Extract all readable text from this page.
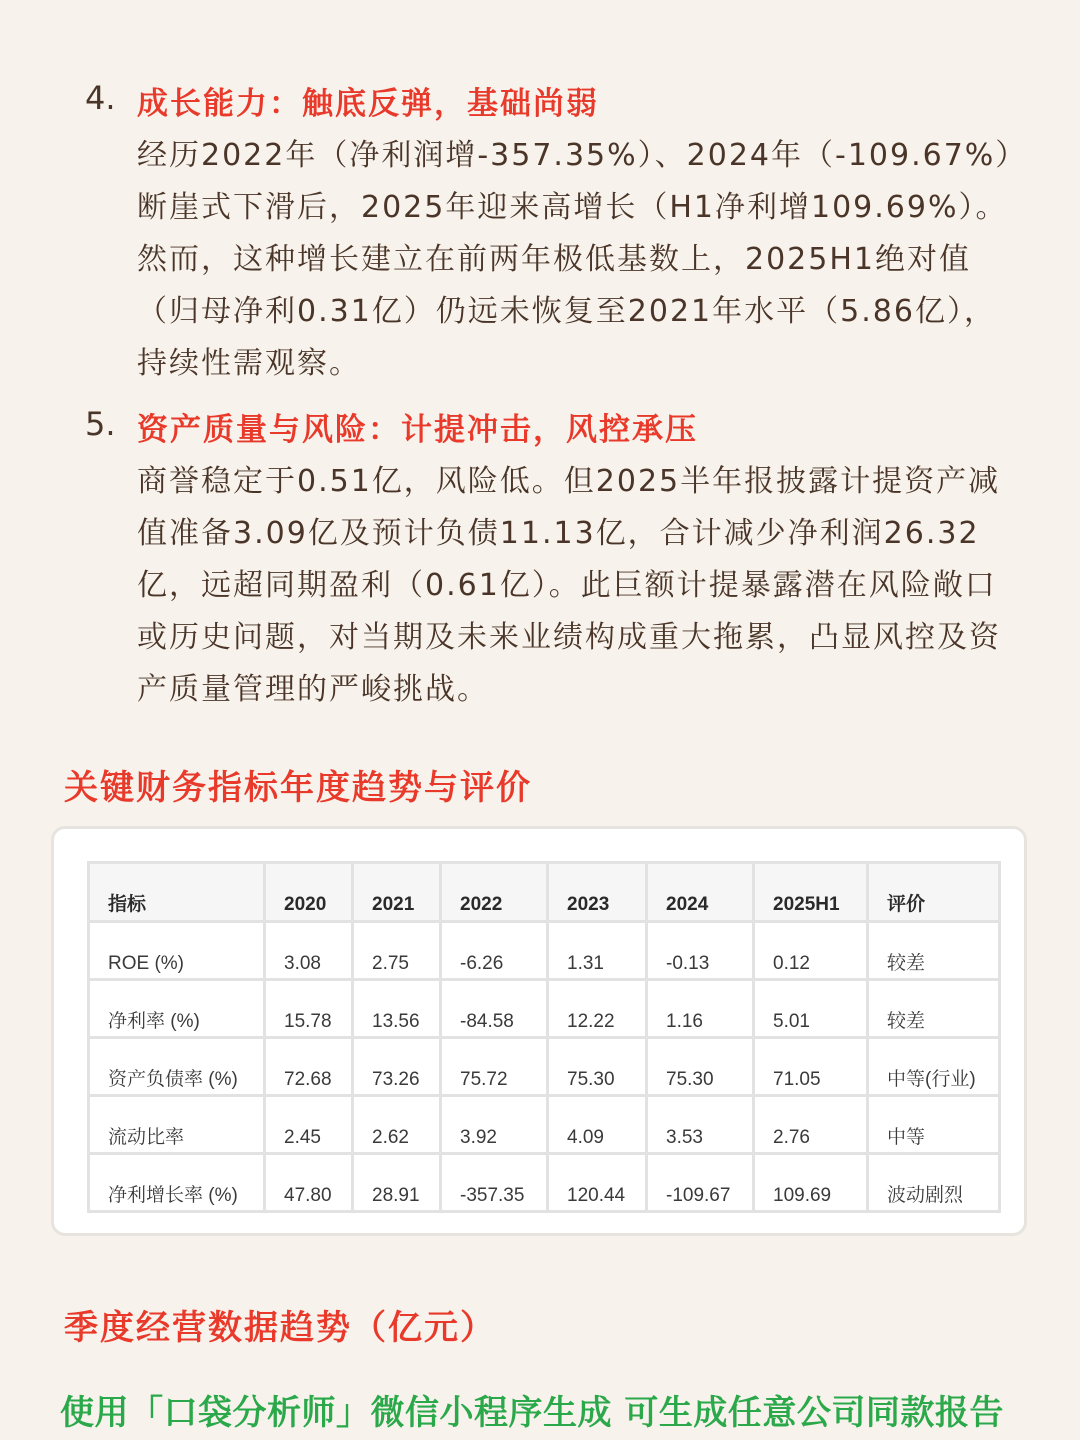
4. 成长能力：触底反弹，基础尚弱
经历2022年（净利润增-357.35%）、2024年（-109.67%）断崖式下滑后，2025年迎来高增长（H1净利增109.69%）。然而，这种增长建立在前两年极低基数上，2025H1绝对值（归母净利0.31亿）仍远未恢复至2021年水平（5.86亿），持续性需观察。
5. 资产质量与风险：计提冲击，风控承压
商誉稳定于0.51亿，风险低。但2025半年报披露计提资产减值准备3.09亿及预计负债11.13亿，合计减少净利润26.32亿，远超同期盈利（0.61亿）。此巨额计提暴露潜在风险敞口或历史问题，对当期及未来业绩构成重大拖累，凸显风控及资产质量管理的严峻挑战。
关键财务指标年度趋势与评价
指标	2020	2021	2022	2023	2024	2025H1	评价
ROE (%)	3.08	2.75	-6.26	1.31	-0.13	0.12	较差
净利率 (%)	15.78	13.56	-84.58	12.22	1.16	5.01	较差
资产负债率 (%)	72.68	73.26	75.72	75.30	75.30	71.05	中等(行业)
流动比率	2.45	2.62	3.92	4.09	3.53	2.76	中等
净利增长率 (%)	47.80	28.91	-357.35	120.44	-109.67	109.69	波动剧烈
季度经营数据趋势（亿元）
使用「口袋分析师」微信小程序生成 可生成任意公司同款报告
